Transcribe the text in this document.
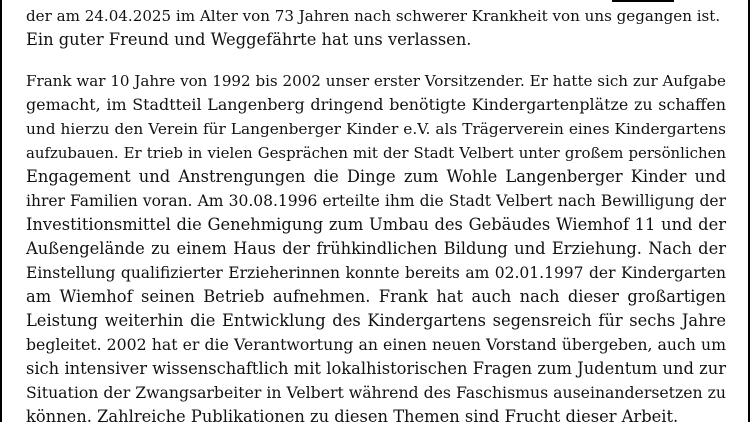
der am 24.04.2025 im Alter von 73 Jahren nach schwerer Krankheit von uns gegangen ist.
Ein guter Freund und Weggefährte hat uns verlassen.

Frank war 10 Jahre von 1992 bis 2002 unser erster Vorsitzender. Er hatte sich zur Aufgabe
gemacht, im Stadtteil Langenberg dringend benötigte Kindergartenplätze zu schaffen
und hierzu den Verein für Langenberger Kinder e.V. als Trägerverein eines Kindergartens
aufzubauen. Er trieb in vielen Gesprächen mit der Stadt Velbert unter großem persönlichen
Engagement und Anstrengungen die Dinge zum Wohle Langenberger Kinder und
ihrer Familien voran. Am 30.08.1996 erteilte ihm die Stadt Velbert nach Bewilligung der
Investitionsmittel die Genehmigung zum Umbau des Gebäudes Wiemhof 11 und der
Außengelände zu einem Haus der frühkindlichen Bildung und Erziehung. Nach der
Einstellung qualifizierter Erzieherinnen konnte bereits am 02.01.1997 der Kindergarten
am Wiemhof seinen Betrieb aufnehmen. Frank hat auch nach dieser großartigen
Leistung weiterhin die Entwicklung des Kindergartens segensreich für sechs Jahre
begleitet. 2002 hat er die Verantwortung an einen neuen Vorstand übergeben, auch um
sich intensiver wissenschaftlich mit lokalhistorischen Fragen zum Judentum und zur
Situation der Zwangsarbeiter in Velbert während des Faschismus auseinandersetzen zu
können. Zahlreiche Publikationen zu diesen Themen sind Frucht dieser Arbeit.
